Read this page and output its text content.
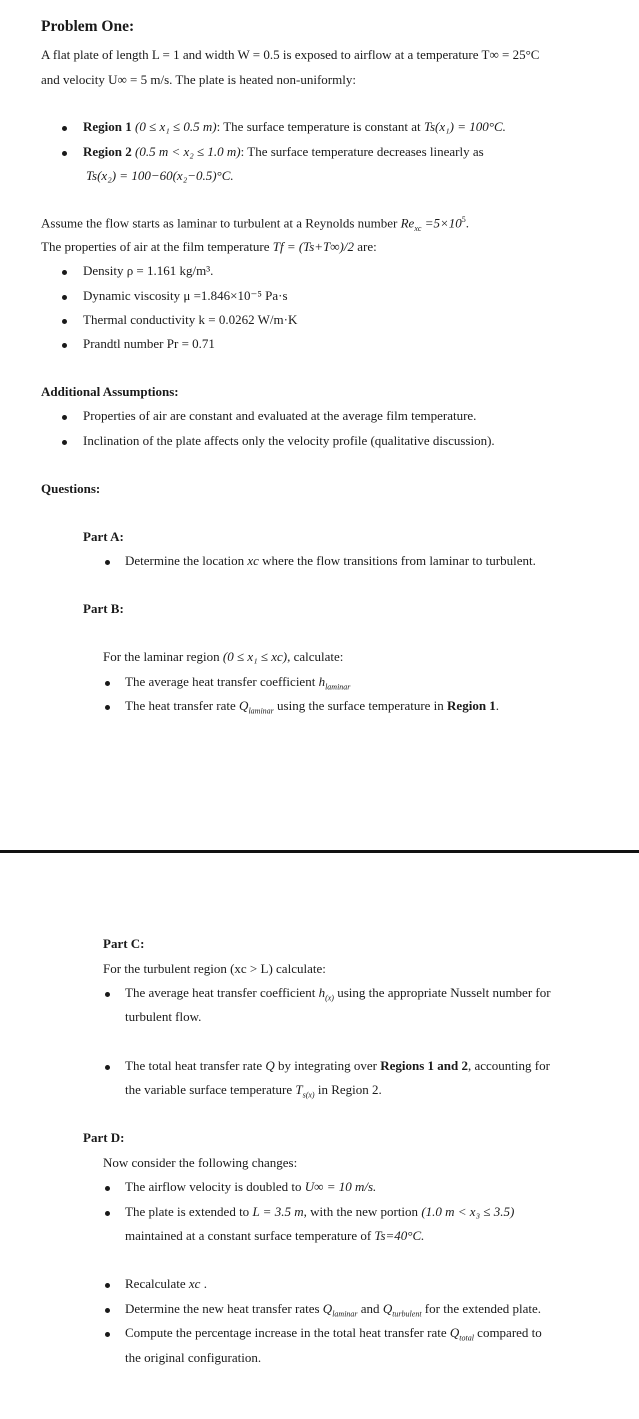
Problem One:
A flat plate of length L = 1 and width W = 0.5 is exposed to airflow at a temperature T∞ = 25°C
and velocity U∞ = 5 m/s. The plate is heated non-uniformly:
Region 1 (0 ≤ x₁ ≤ 0.5 m): The surface temperature is constant at Ts(x₁) = 100°C.
Region 2 (0.5 m < x₂ ≤ 1.0 m): The surface temperature decreases linearly as
Ts(x₂) = 100−60(x₂−0.5)°C.
Assume the flow starts as laminar to turbulent at a Reynolds number $Re_{xc} =5\times 10^5$.
The properties of air at the film temperature Tf = (Ts+T∞)/2 are:
Density ρ = 1.161 kg/m³.
Dynamic viscosity μ =1.846×10⁻⁵ Pa·s
Thermal conductivity k = 0.0262 W/m·K
Prandtl number Pr = 0.71
Additional Assumptions:
Properties of air are constant and evaluated at the average film temperature.
Inclination of the plate affects only the velocity profile (qualitative discussion).
Questions:
Part A:
Determine the location xc where the flow transitions from laminar to turbulent.
Part B:
For the laminar region (0 ≤ x₁ ≤ xc), calculate:
The average heat transfer coefficient $h_{laminar}$
The heat transfer rate $Q_{laminar}$ using the surface temperature in Region 1.
Part C:
For the turbulent region (xc > L) calculate:
The average heat transfer coefficient $h_{(x)}$ using the appropriate Nusselt number for
turbulent flow.
The total heat transfer rate Q by integrating over Regions 1 and 2, accounting for
the variable surface temperature $T_{s(x)}$ in Region 2.
Part D:
Now consider the following changes:
The airflow velocity is doubled to U∞ = 10 m/s.
The plate is extended to L = 3.5 m, with the new portion (1.0 m < x₃ ≤ 3.5)
maintained at a constant surface temperature of Ts=40°C.
Recalculate xc .
Determine the new heat transfer rates $Q_{laminar}$ and $Q_{turbulent}$ for the extended plate.
Compute the percentage increase in the total heat transfer rate $Q_{total}$ compared to
the original configuration.
